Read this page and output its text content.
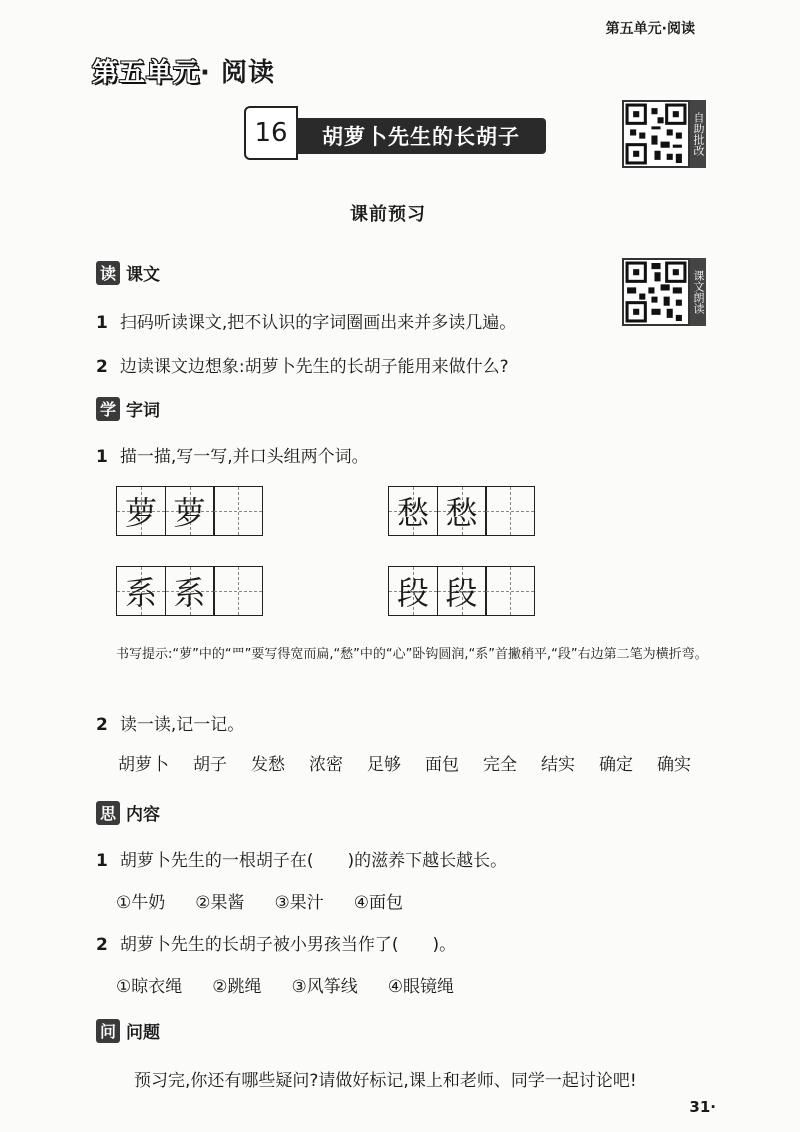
第五单元·阅读
第五单元· 阅读
16	胡萝卜先生的长胡子	自助批改
课前预习
课文朗读
读 课文
1 扫码听读课文,把不认识的字词圈画出来并多读几遍。
2 边读课文边想象:胡萝卜先生的长胡子能用来做什么?
学 字词
1 描一描,写一写,并口头组两个词。
萝 萝	愁 愁
系 系	段 段
书写提示:“萝”中的“罒”要写得宽而扁,“愁”中的“心”卧钩圆润,“系”首撇稍平,“段”右边第二笔为横折弯。
2 读一读,记一记。
胡萝卜 胡子 发愁 浓密 足够 面包 完全 结实 确定 确实
思 内容
1 胡萝卜先生的一根胡子在(　　)的滋养下越长越长。
①牛奶 ②果酱 ③果汁 ④面包
2 胡萝卜先生的长胡子被小男孩当作了(　　)。
①晾衣绳 ②跳绳 ③风筝线 ④眼镜绳
问 问题
预习完,你还有哪些疑问?请做好标记,课上和老师、同学一起讨论吧!
31·
